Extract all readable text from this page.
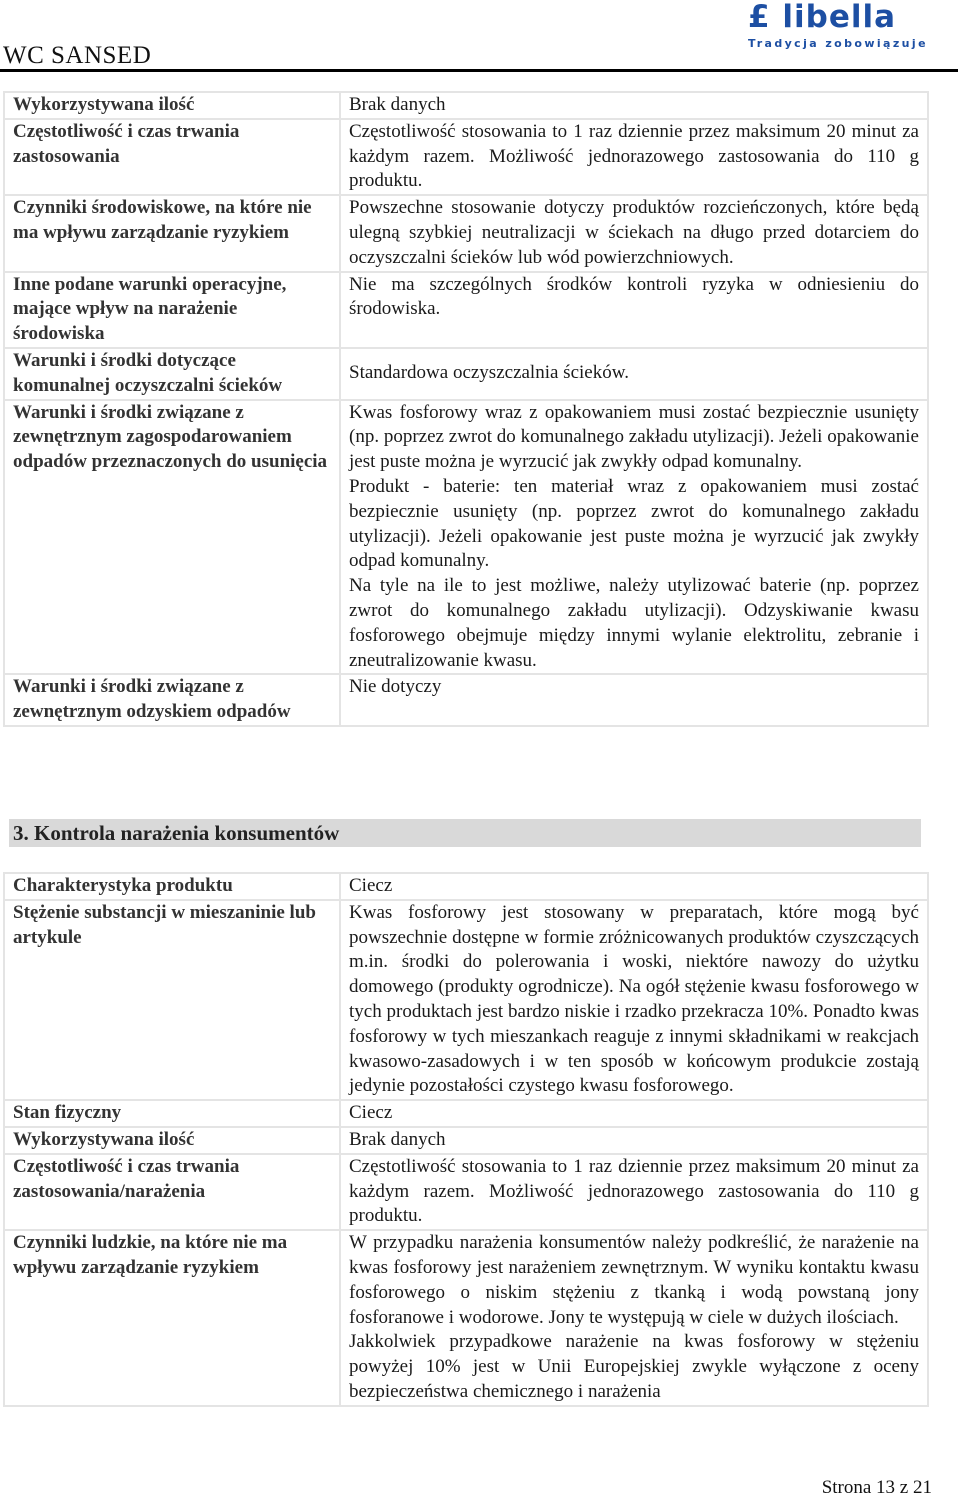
WC SANSED
£ libella
Tradycja zobowiązuje
Wykorzystywana ilość	Brak danych

Częstotliwość i czas trwania zastosowania	Częstotliwość stosowania to 1 raz dziennie przez maksimum 20 minut za każdym razem. Możliwość jednorazowego zastosowania do 110 g produktu.

Czynniki środowiskowe, na które nie ma wpływu zarządzanie ryzykiem	Powszechne stosowanie dotyczy produktów rozcieńczonych, które będą ulegną szybkiej neutralizacji w ściekach na długo przed dotarciem do oczyszczalni ścieków lub wód powierzchniowych.

Inne podane warunki operacyjne, mające wpływ na narażenie środowiska	Nie ma szczególnych środków kontroli ryzyka w odniesieniu do środowiska.

Warunki i środki dotyczące komunalnej oczyszczalni ścieków	Standardowa oczyszczalnia ścieków.

Warunki i środki związane z zewnętrznym zagospodarowaniem odpadów przeznaczonych do usunięcia	Kwas fosforowy wraz z opakowaniem musi zostać bezpiecznie usunięty (np. poprzez zwrot do komunalnego zakładu utylizacji). Jeżeli opakowanie jest puste można je wyrzucić jak zwykły odpad komunalny.
Produkt - baterie: ten materiał wraz z opakowaniem musi zostać bezpiecznie usunięty (np. poprzez zwrot do komunalnego zakładu utylizacji). Jeżeli opakowanie jest puste można je wyrzucić jak zwykły odpad komunalny.
Na tyle na ile to jest możliwe, należy utylizować baterie (np. poprzez zwrot do komunalnego zakładu utylizacji). Odzyskiwanie kwasu fosforowego obejmuje między innymi wylanie elektrolitu, zebranie i zneutralizowanie kwasu.

Warunki i środki związane z zewnętrznym odzyskiem odpadów	Nie dotyczy
3. Kontrola narażenia konsumentów
Charakterystyka produktu	Ciecz

Stężenie substancji w mieszaninie lub artykule	Kwas fosforowy jest stosowany w preparatach, które mogą być powszechnie dostępne w formie zróżnicowanych produktów czyszczących m.in. środki do polerowania i woski, niektóre nawozy do użytku domowego (produkty ogrodnicze). Na ogół stężenie kwasu fosforowego w tych produktach jest bardzo niskie i rzadko przekracza 10%. Ponadto kwas fosforowy w tych mieszankach reaguje z innymi składnikami w reakcjach kwasowo-zasadowych i w ten sposób w końcowym produkcie zostają jedynie pozostałości czystego kwasu fosforowego.

Stan fizyczny	Ciecz

Wykorzystywana ilość	Brak danych

Częstotliwość i czas trwania zastosowania/narażenia	Częstotliwość stosowania to 1 raz dziennie przez maksimum 20 minut za każdym razem. Możliwość jednorazowego zastosowania do 110 g produktu.

Czynniki ludzkie, na które nie ma wpływu zarządzanie ryzykiem	W przypadku narażenia konsumentów należy podkreślić, że narażenie na kwas fosforowy jest narażeniem zewnętrznym. W wyniku kontaktu kwasu fosforowego o niskim stężeniu z tkanką i wodą powstaną jony fosforanowe i wodorowe. Jony te występują w ciele w dużych ilościach.
Jakkolwiek przypadkowe narażenie na kwas fosforowy w stężeniu powyżej 10% jest w Unii Europejskiej zwykle wyłączone z oceny bezpieczeństwa chemicznego i narażenia
Strona 13 z 21
